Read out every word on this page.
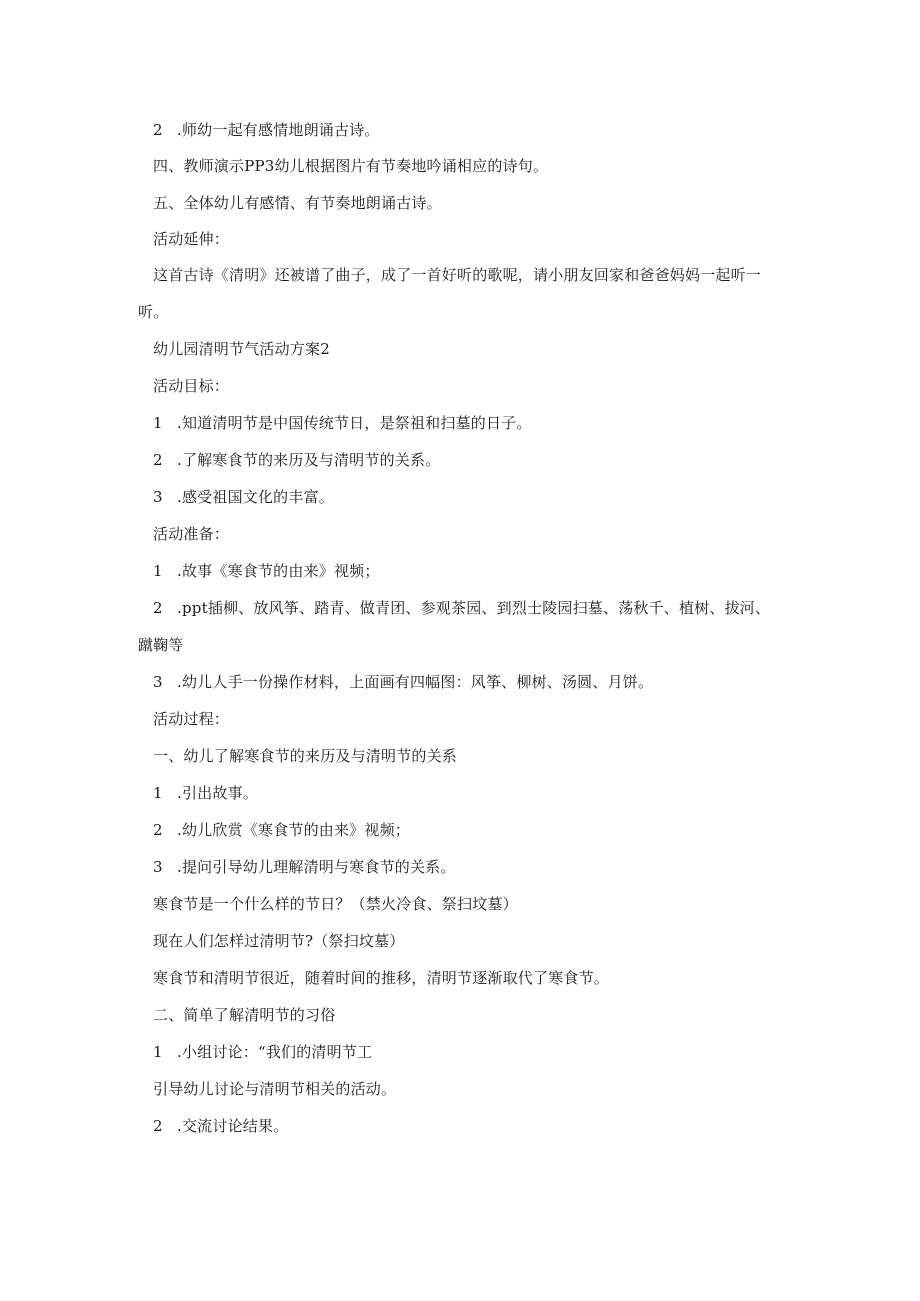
2 .师幼一起有感情地朗诵古诗。
四、教师演示PP3幼儿根据图片有节奏地吟诵相应的诗句。
五、全体幼儿有感情、有节奏地朗诵古诗。
活动延伸：
这首古诗《清明》还被谱了曲子，成了一首好听的歌呢，请小朋友回家和爸爸妈妈一起听一
听。
幼儿园清明节气活动方案2
活动目标：
1 .知道清明节是中国传统节日，是祭祖和扫墓的日子。
2 .了解寒食节的来历及与清明节的关系。
3 .感受祖国文化的丰富。
活动准备：
1 .故事《寒食节的由来》视频；
2 .ppt插柳、放风筝、踏青、做青团、参观茶园、到烈士陵园扫墓、荡秋千、植树、拔河、
蹴鞠等
3 .幼儿人手一份操作材料，上面画有四幅图：风筝、柳树、汤圆、月饼。
活动过程：
一、幼儿了解寒食节的来历及与清明节的关系
1 .引出故事。
2 .幼儿欣赏《寒食节的由来》视频；
3 .提问引导幼儿理解清明与寒食节的关系。
寒食节是一个什么样的节日？（禁火冷食、祭扫坟墓）
现在人们怎样过清明节?（祭扫坟墓）
寒食节和清明节很近，随着时间的推移，清明节逐渐取代了寒食节。
二、简单了解清明节的习俗
1 .小组讨论：“我们的清明节工
引导幼儿讨论与清明节相关的活动。
2 .交流讨论结果。
